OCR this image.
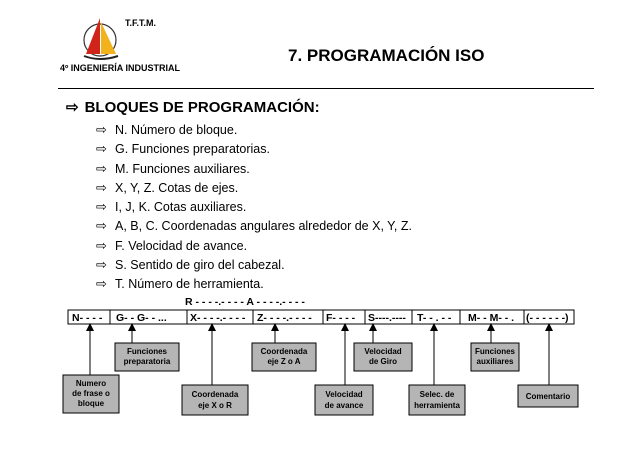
T.F.T.M.
4º INGENIERÍA INDUSTRIAL
7. PROGRAMACIÓN ISO
⇨ BLOQUES DE PROGRAMACIÓN:
⇨ N. Número de bloque.
⇨ G. Funciones preparatorias.
⇨ M. Funciones auxiliares.
⇨ X, Y, Z. Cotas de ejes.
⇨ I, J, K. Cotas auxiliares.
⇨ A, B, C. Coordenadas angulares alrededor de X, Y, Z.
⇨ F. Velocidad de avance.
⇨ S. Sentido de giro del cabezal.
⇨ T. Número de herramienta.
R - - - -.- - - - A - - - -.- - - -
N- - - - G- - G- - ... X- - - -.- - - - Z- - - -.- - - - F- - - - S----.---- T- - . - - M- - M- - . (- - - - - -)
Funciones
preparatoria
Coordenada
eje Z o A
Velocidad
de Giro
Funciones
auxiliares
Numero
de frase o
bloque
Coordenada
eje X o R
Velocidad
de avance
Selec. de
herramienta
Comentario
